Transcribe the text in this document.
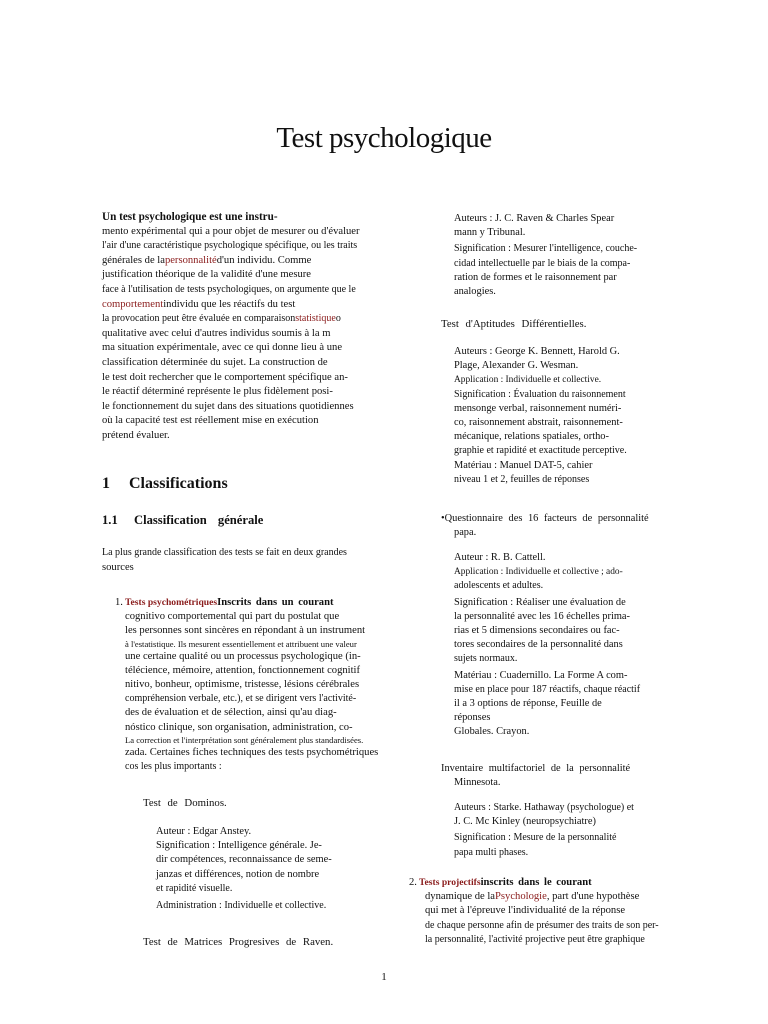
Test psychologique

Un test psychologique est une instru-

mento expérimental qui a pour objet de mesurer ou d'évaluer

l'air d'une caractéristique psychologique spécifique, ou les traits

générales de lapersonnalitéd'un individu. Comme

justification théorique de la validité d'une mesure

face à l'utilisation de tests psychologiques, on argumente que le

comportementindividu que les réactifs du test

la provocation peut être évaluée en comparaisonstatistiqueo

qualitative avec celui d'autres individus soumis à la m

ma situation expérimentale, avec ce qui donne lieu à une

classification déterminée du sujet. La construction de

le test doit rechercher que le comportement spécifique an-

le réactif déterminé représente le plus fidèlement posi-

le fonctionnement du sujet dans des situations quotidiennes

où la capacité test est réellement mise en exécution

prétend évaluer.

1 Classifications
1.1 Classification générale

La plus grande classification des tests se fait en deux grandes

sources

1. Tests psychométriquesInscrits dans un courant

cognitivo comportemental qui part du postulat que

les personnes sont sincères en répondant à un instrument

à l'estatistique. Ils mesurent essentiellement et attribuent une valeur

une certaine qualité ou un processus psychologique (in-

télécience, mémoire, attention, fonctionnement cognitif

nitivo, bonheur, optimisme, tristesse, lésions cérébrales

compréhension verbale, etc.), et se dirigent vers l'activité-

des de évaluation et de sélection, ainsi qu'au diag-

nóstico clinique, son organisation, administration, co-

La correction et l'interprétation sont généralement plus standardisées.

zada. Certaines fiches techniques des tests psychométriques

cos les plus importants :

Test de Dominos.

Auteur : Edgar Anstey.

Signification : Intelligence générale. Je-

dir compétences, reconnaissance de seme-

janzas et différences, notion de nombre

et rapidité visuelle.

Administration : Individuelle et collective.

Test de Matrices Progresives de Raven.

Auteurs : J. C. Raven & Charles Spear

mann y Tribunal.

Signification : Mesurer l'intelligence, couche-

cidad intellectuelle par le biais de la compa-

ration de formes et le raisonnement par

analogies.

Test d'Aptitudes Différentielles.

Auteurs : George K. Bennett, Harold G.

Plage, Alexander G. Wesman.

Application : Individuelle et collective.

Signification : Évaluation du raisonnement

mensonge verbal, raisonnement numéri-

co, raisonnement abstrait, raisonnement-

mécanique, relations spatiales, ortho-

graphie et rapidité et exactitude perceptive.

Matériau : Manuel DAT-5, cahier

niveau 1 et 2, feuilles de réponses

•Questionnaire des 16 facteurs de personnalité

papa.

Auteur : R. B. Cattell.

Application : Individuelle et collective ; ado-

adolescents et adultes.

Signification : Réaliser une évaluation de

la personnalité avec les 16 échelles prima-

rias et 5 dimensions secondaires ou fac-

tores secondaires de la personnalité dans

sujets normaux.

Matériau : Cuadernillo. La Forme A com-

mise en place pour 187 réactifs, chaque réactif

il a 3 options de réponse, Feuille de

réponses

Globales. Crayon.

Inventaire multifactoriel de la personnalité

Minnesota.

Auteurs : Starke. Hathaway (psychologue) et

J. C. Mc Kinley (neuropsychiatre)

Signification : Mesure de la personnalité

papa multi phases.

2. Tests projectifsinscrits dans le courant

dynamique de laPsychologie, part d'une hypothèse

qui met à l'épreuve l'individualité de la réponse

de chaque personne afin de présumer des traits de son per-

la personnalité, l'activité projective peut être graphique

1
